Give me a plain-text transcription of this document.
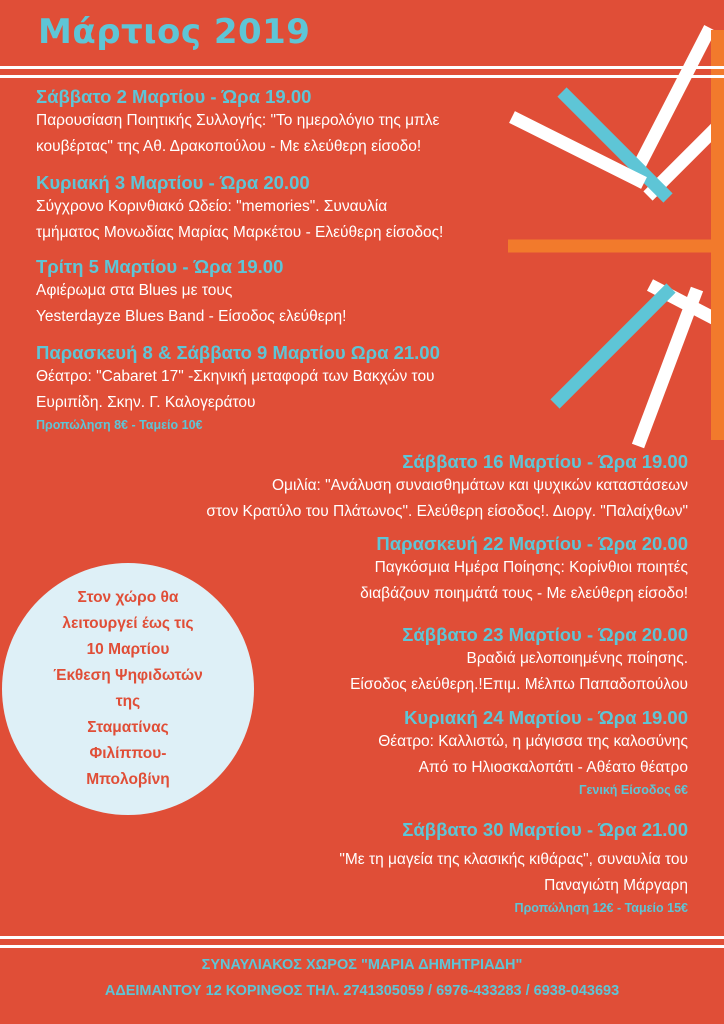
Μάρτιος 2019
Σάββατο 2 Μαρτίου - Ώρα 19.00
Παρουσίαση Ποιητικής Συλλογής: "Το ημερολόγιο της μπλε
κουβέρτας" της Αθ. Δρακοπούλου - Με ελεύθερη είσοδο!
Κυριακή 3 Μαρτίου - Ώρα 20.00
Σύγχρονο Κορινθιακό Ωδείο: "memories". Συναυλία
τμήματος Μονωδίας Μαρίας Μαρκέτου - Ελεύθερη είσοδος!
Τρίτη 5 Μαρτίου - Ώρα 19.00
Αφιέρωμα στα Blues με τους
Yesterdayze Blues Band - Είσοδος ελεύθερη!
Παρασκευή 8 & Σάββατο 9 Μαρτίου Ωρα 21.00
Θέατρο: "Cabaret 17" -Σκηνική μεταφορά των Βακχών του
Ευριπίδη. Σκην. Γ. Καλογεράτου
Προπώληση 8€ - Ταμείο 10€
Σάββατο 16 Μαρτίου - Ώρα 19.00
Ομιλία: "Ανάλυση συναισθημάτων και ψυχικών καταστάσεων
στον Κρατύλο του Πλάτωνος". Ελεύθερη είσοδος!. Διοργ. "Παλαίχθων"
Παρασκευή 22 Μαρτίου - Ώρα 20.00
Παγκόσμια Ημέρα Ποίησης: Κορίνθιοι ποιητές
διαβάζουν ποιημάτά τους - Με ελεύθερη είσοδο!
Σάββατο 23 Μαρτίου - Ώρα 20.00
Βραδιά μελοποιημένης ποίησης.
Είσοδος ελεύθερη.!Επιμ. Μέλπω Παπαδοπούλου
Κυριακή 24 Μαρτίου - Ώρα 19.00
Θέατρο: Καλλιστώ, η μάγισσα της καλοσύνης
Από το Ηλιοσκαλοπάτι - Αθέατο θέατρο
Γενική Είσοδος 6€
Σάββατο 30 Μαρτίου - Ώρα 21.00
"Με τη μαγεία της κλασικής κιθάρας", συναυλία του
Παναγιώτη Μάργαρη
Προπώληση 12€ - Ταμείο 15€
Στον χώρο θα
λειτουργεί έως τις
10 Μαρτίου
Έκθεση Ψηφιδωτών
της
Σταματίνας
Φιλίππου-
Μπολοβίνη
ΣΥΝΑΥΛΙΑΚΟΣ ΧΩΡΟΣ "ΜΑΡΙΑ ΔΗΜΗΤΡΙΑΔΗ"
ΑΔΕΙΜΑΝΤΟΥ 12 ΚΟΡΙΝΘΟΣ ΤΗΛ. 2741305059 / 6976-433283 / 6938-043693
